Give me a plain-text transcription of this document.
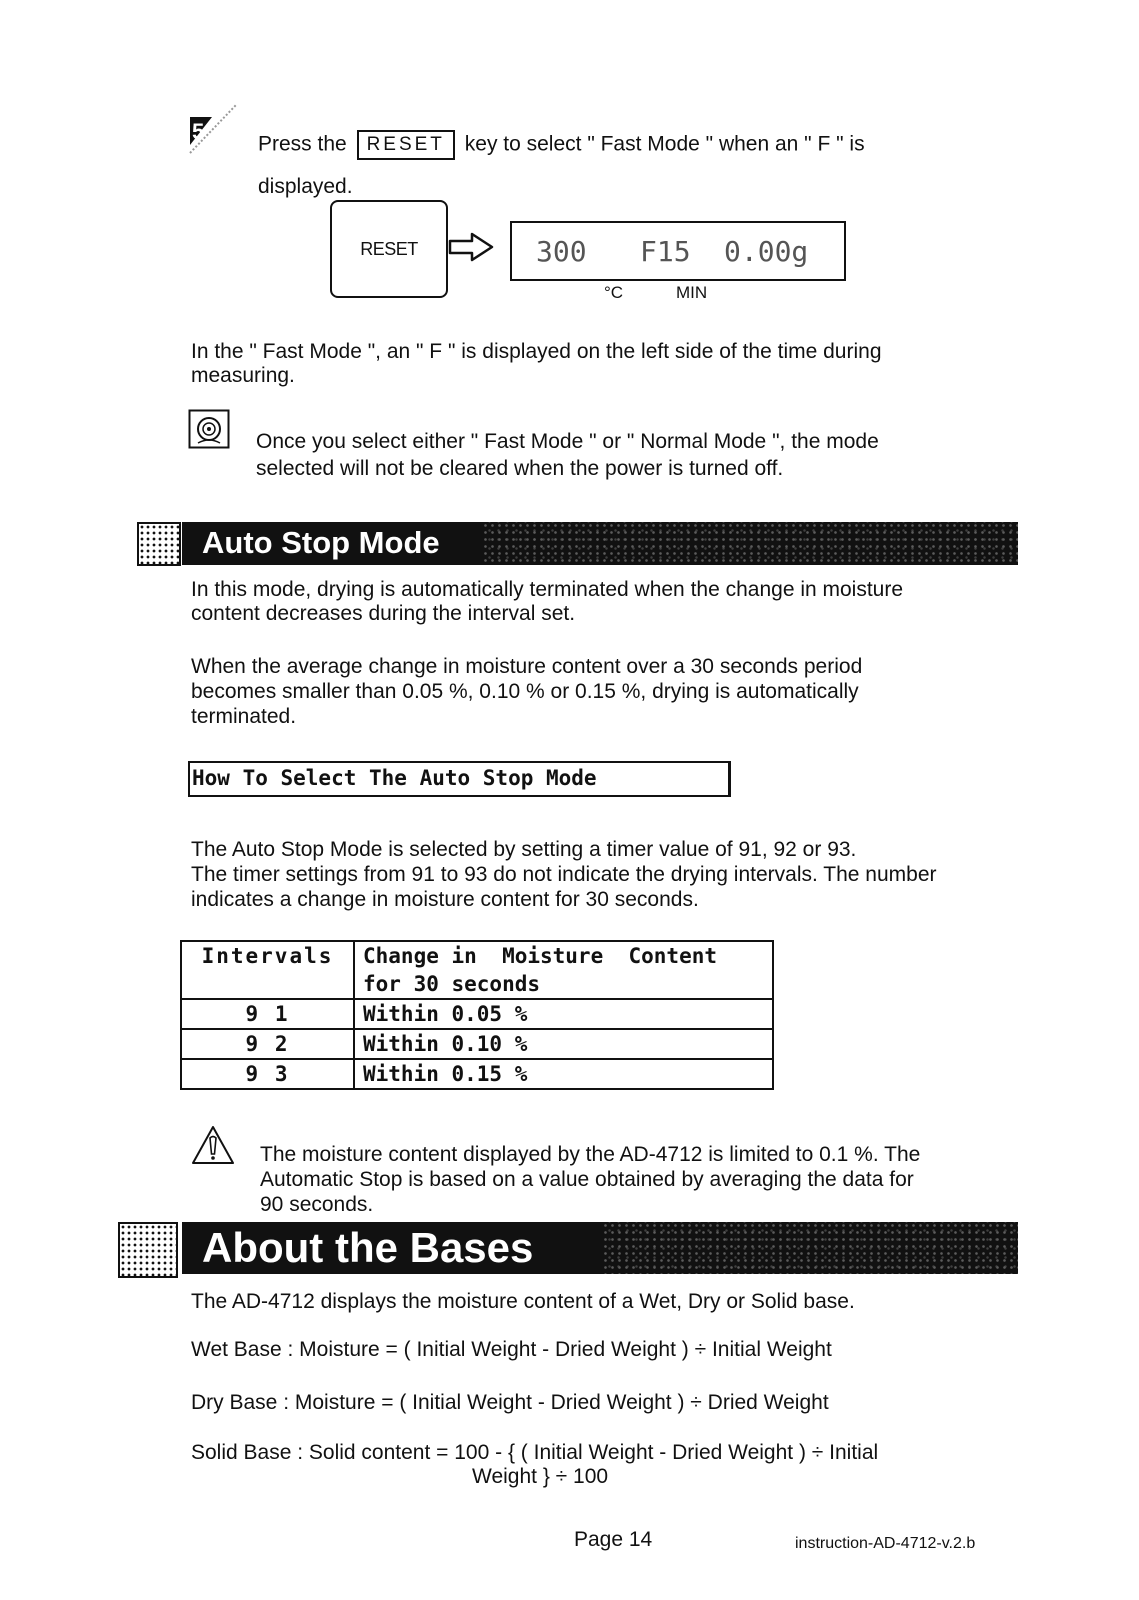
5
Press the RESET key to select " Fast Mode " when an " F " is
displayed.
RESET	300 F15 0.00g
°C	MIN
In the " Fast Mode ", an " F " is displayed on the left side of the time during
measuring.
Once you select either " Fast Mode " or " Normal Mode ", the mode
selected will not be cleared when the power is turned off.
Auto Stop Mode
In this mode, drying is automatically terminated when the change in moisture
content decreases during the interval set.
When the average change in moisture content over a 30 seconds period
becomes smaller than 0.05 %, 0.10 % or 0.15 %, drying is automatically
terminated.
How To Select The Auto Stop Mode
The Auto Stop Mode is selected by setting a timer value of 91, 92 or 93.
The timer settings from 91 to 93 do not indicate the drying intervals. The number
indicates a change in moisture content for 30 seconds.
Intervals	Change in  Moisture  Content
for 30 seconds

9 1	Within 0.05 %
9 2	Within 0.10 %
9 3	Within 0.15 %
The moisture content displayed by the AD-4712 is limited to 0.1 %. The
Automatic Stop is based on a value obtained by averaging the data for
90 seconds.
About the Bases
The AD-4712 displays the moisture content of a Wet, Dry or Solid base.
Wet Base : Moisture = ( Initial Weight - Dried Weight ) ÷ Initial Weight
Dry Base : Moisture = ( Initial Weight - Dried Weight ) ÷ Dried Weight
Solid Base : Solid content = 100 - { ( Initial Weight - Dried Weight ) ÷ Initial
Weight } ÷ 100
Page 14	instruction-AD-4712-v.2.b
